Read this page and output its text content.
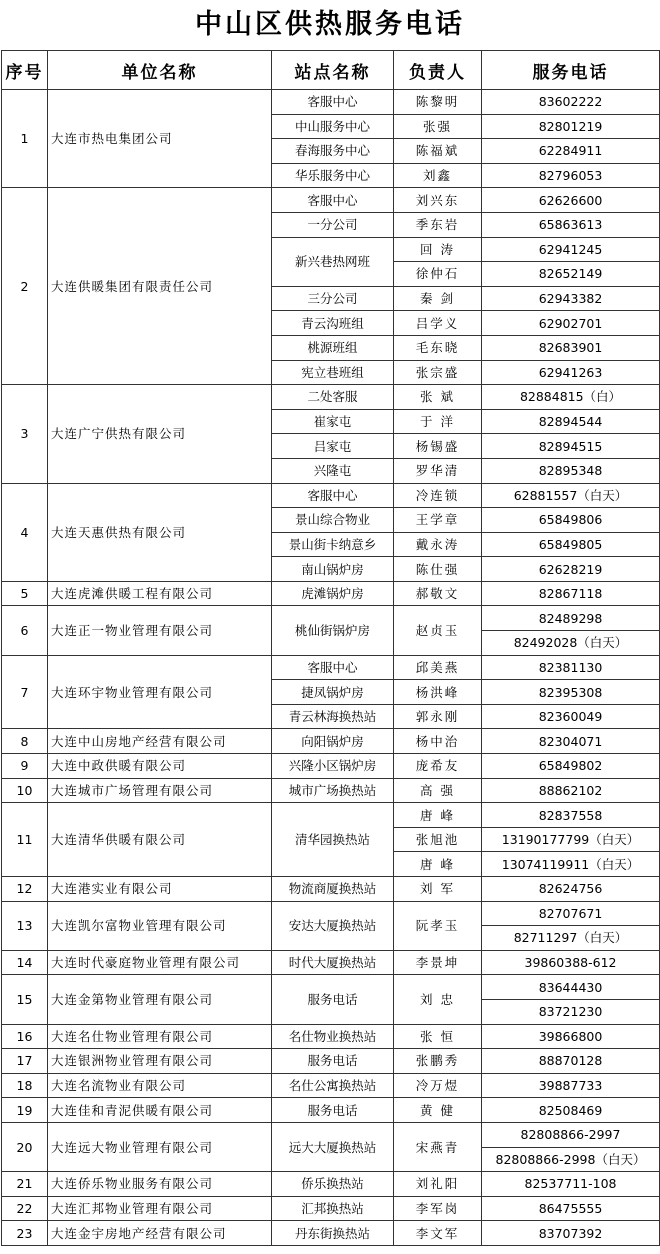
中山区供热服务电话
序号	单位名称	站点名称	负责人	服务电话
1	大连市热电集团公司	客服中心	陈黎明	83602222
		中山服务中心	张强	82801219
		春海服务中心	陈福斌	62284911
		华乐服务中心	刘鑫	82796053
2	大连供暖集团有限责任公司	客服中心	刘兴东	62626600
		一分公司	季东岩	65863613
		新兴巷热网班	回 涛	62941245
			徐仲石	82652149
		三分公司	秦 剑	62943382
		青云沟班组	吕学义	62902701
		桃源班组	毛东晓	82683901
		宪立巷班组	张宗盛	62941263
3	大连广宁供热有限公司	二处客服	张 斌	82884815（白）
		崔家屯	于 洋	82894544
		吕家屯	杨锡盛	82894515
		兴隆屯	罗华清	82895348
4	大连天惠供热有限公司	客服中心	冷连锁	62881557（白天）
		景山综合物业	王学章	65849806
		景山街卡纳意乡	戴永涛	65849805
		南山锅炉房	陈仕强	62628219
5	大连虎滩供暖工程有限公司	虎滩锅炉房	郝敬文	82867118
6	大连正一物业管理有限公司	桃仙街锅炉房	赵贞玉	82489298
				82492028（白天）
7	大连环宇物业管理有限公司	客服中心	邱美燕	82381130
		捷凤锅炉房	杨洪峰	82395308
		青云林海换热站	郭永刚	82360049
8	大连中山房地产经营有限公司	向阳锅炉房	杨中治	82304071
9	大连中政供暖有限公司	兴隆小区锅炉房	庞希友	65849802
10	大连城市广场管理有限公司	城市广场换热站	高 强	88862102
11	大连清华供暖有限公司	清华园换热站	唐 峰	82837558
			张旭池	13190177799（白天）
			唐 峰	13074119911（白天）
12	大连港实业有限公司	物流商厦换热站	刘 军	82624756
13	大连凯尔富物业管理有限公司	安达大厦换热站	阮孝玉	82707671
				82711297（白天）
14	大连时代豪庭物业管理有限公司	时代大厦换热站	李景坤	39860388-612
15	大连金第物业管理有限公司	服务电话	刘 忠	83644430
				83721230
16	大连名仕物业管理有限公司	名仕物业换热站	张 恒	39866800
17	大连银洲物业管理有限公司	服务电话	张鹏秀	88870128
18	大连名流物业有限公司	名仕公寓换热站	冷万煜	39887733
19	大连佳和青泥供暖有限公司	服务电话	黄 健	82508469
20	大连远大物业管理有限公司	远大大厦换热站	宋燕青	82808866-2997
				82808866-2998（白天）
21	大连侨乐物业服务有限公司	侨乐换热站	刘礼阳	82537711-108
22	大连汇邦物业管理有限公司	汇邦换热站	李军岗	86475555
23	大连金宇房地产经营有限公司	丹东街换热站	李文军	83707392
